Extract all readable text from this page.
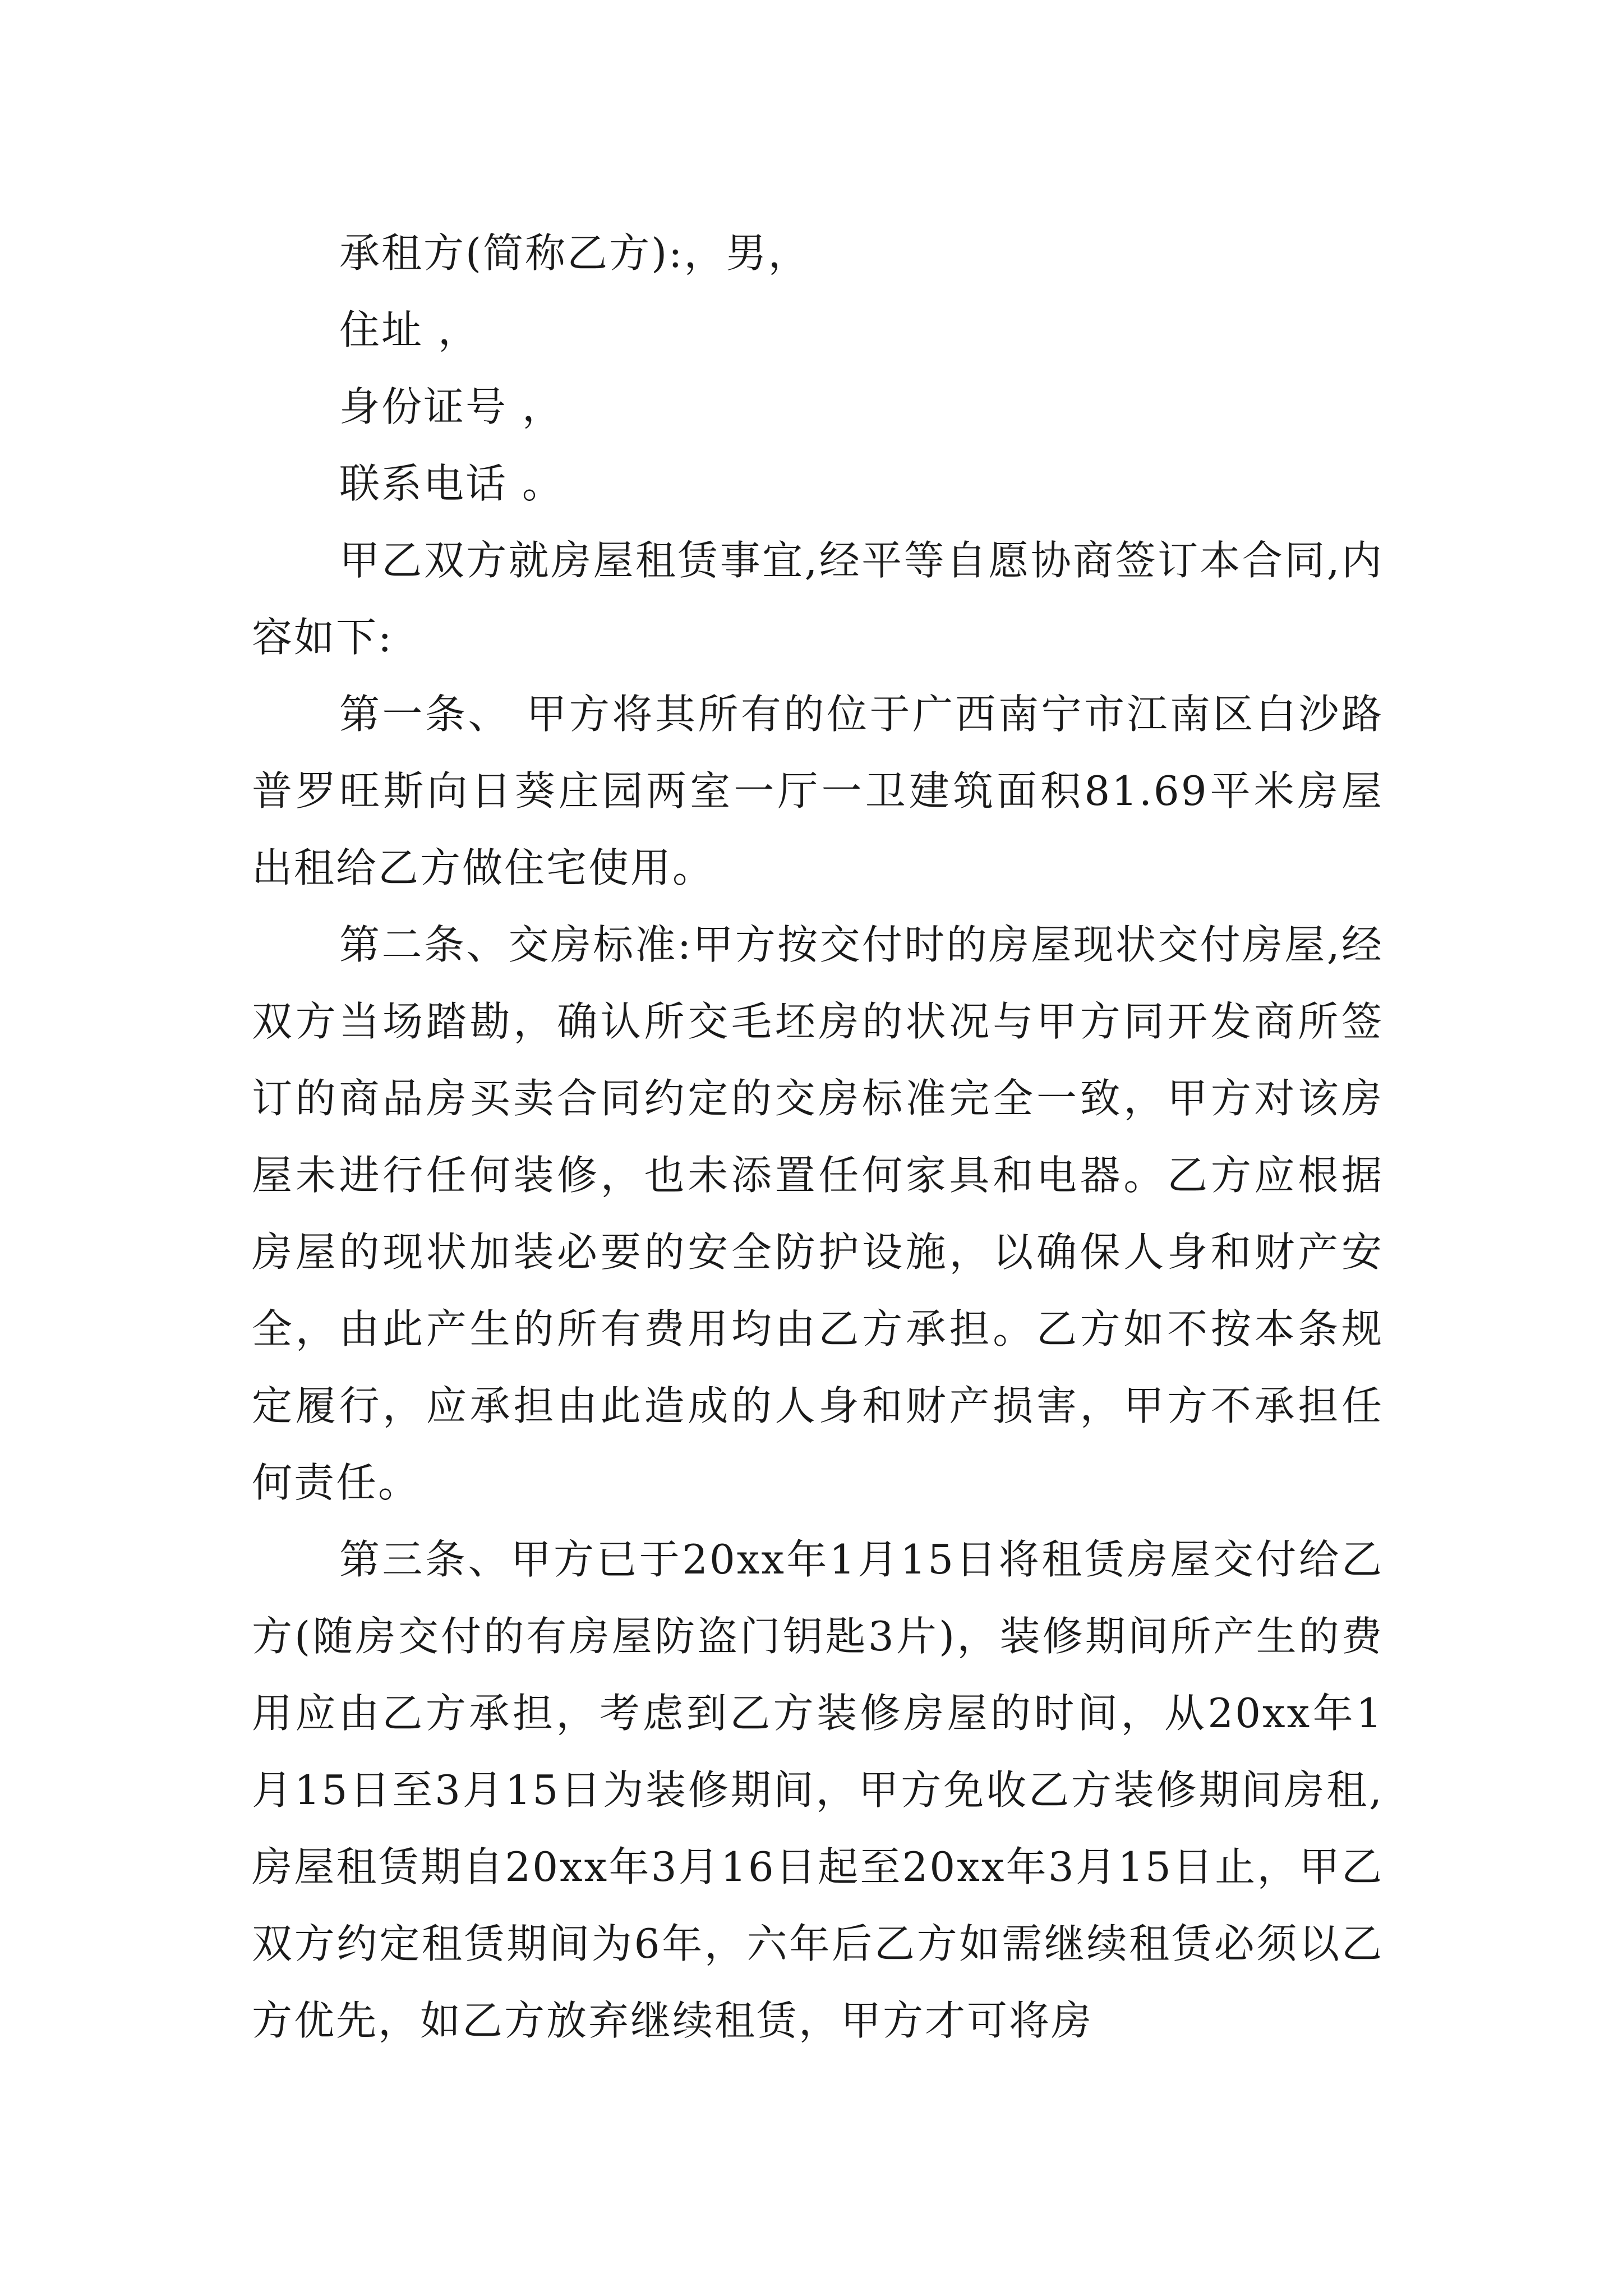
承租方(简称乙方):，男，

住址 ，

身份证号 ，

联系电话 。

甲乙双方就房屋租赁事宜,经平等自愿协商签订本合同,内容如下:

第一条、 甲方将其所有的位于广西南宁市江南区白沙路普罗旺斯向日葵庄园两室一厅一卫建筑面积81.69平米房屋出租给乙方做住宅使用。

第二条、交房标准:甲方按交付时的房屋现状交付房屋,经双方当场踏勘，确认所交毛坯房的状况与甲方同开发商所签订的商品房买卖合同约定的交房标准完全一致，甲方对该房屋未进行任何装修，也未添置任何家具和电器。乙方应根据房屋的现状加装必要的安全防护设施，以确保人身和财产安全，由此产生的所有费用均由乙方承担。乙方如不按本条规定履行，应承担由此造成的人身和财产损害，甲方不承担任何责任。

第三条、甲方已于20xx年1月15日将租赁房屋交付给乙方(随房交付的有房屋防盗门钥匙3片)，装修期间所产生的费用应由乙方承担，考虑到乙方装修房屋的时间，从20xx年1月15日至3月15日为装修期间，甲方免收乙方装修期间房租,房屋租赁期自20xx年3月16日起至20xx年3月15日止，甲乙双方约定租赁期间为6年，六年后乙方如需继续租赁必须以乙方优先，如乙方放弃继续租赁，甲方才可将房
